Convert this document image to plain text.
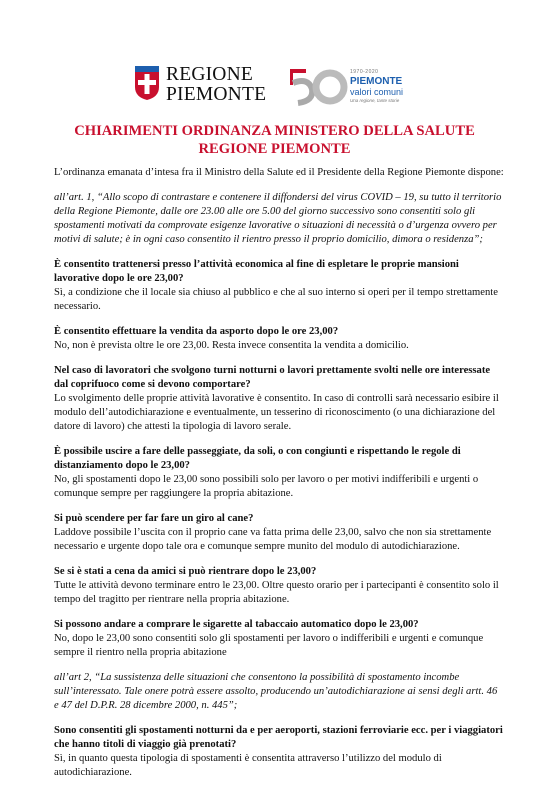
REGIONE
PIEMONTE
50
1970-2020
PIEMONTE
valori comuni
Una regione, tante storie
CHIARIMENTI ORDINANZA MINISTERO DELLA SALUTE
REGIONE PIEMONTE

L’ordinanza emanata d’intesa fra il Ministro della Salute ed il Presidente della Regione Piemonte dispone:

all’art. 1, “Allo scopo di contrastare e contenere il diffondersi del virus COVID – 19, su tutto il territorio della Regione Piemonte, dalle ore 23.00 alle ore 5.00 del giorno successivo sono consentiti solo gli spostamenti motivati da comprovate esigenze lavorative o situazioni di necessità o d’urgenza ovvero per motivi di salute; è in ogni caso consentito il rientro presso il proprio domicilio, dimora o residenza”;

È consentito trattenersi presso l’attività economica al fine di espletare le proprie mansioni lavorative dopo le ore 23,00?

Sì, a condizione che il locale sia chiuso al pubblico e che al suo interno si operi per il tempo strettamente necessario.

È consentito effettuare la vendita da asporto dopo le ore 23,00?

No, non è prevista oltre le ore 23,00. Resta invece consentita la vendita a domicilio.

Nel caso di lavoratori che svolgono turni notturni o lavori prettamente svolti nelle ore interessate dal coprifuoco come si devono comportare?

Lo svolgimento delle proprie attività lavorative è consentito. In caso di controlli sarà necessario esibire il modulo dell’autodichiarazione e eventualmente, un tesserino di riconoscimento (o una dichiarazione del datore di lavoro) che attesti la tipologia di lavoro serale.

È possibile uscire a fare delle passeggiate, da soli, o con congiunti e rispettando le regole di distanziamento dopo le 23,00?

No, gli spostamenti dopo le 23,00 sono possibili solo per lavoro o per motivi indifferibili e urgenti o comunque sempre per raggiungere la propria abitazione.

Si può scendere per far fare un giro al cane?

Laddove possibile l’uscita con il proprio cane va fatta prima delle 23,00, salvo che non sia strettamente necessario e urgente dopo tale ora e comunque sempre munito del modulo di autodichiarazione.

Se si è stati a cena da amici si può rientrare dopo le 23,00?

Tutte le attività devono terminare entro le 23,00. Oltre questo orario per i partecipanti è consentito solo il tempo del tragitto per rientrare nella propria abitazione.

Si possono andare a comprare le sigarette al tabaccaio automatico dopo le 23,00?

No, dopo le 23,00 sono consentiti solo gli spostamenti per lavoro o indifferibili e urgenti e comunque sempre il rientro nella propria abitazione

all’art 2, “La sussistenza delle situazioni che consentono la possibilità di spostamento incombe sull’interessato. Tale onere potrà essere assolto, producendo un’autodichiarazione ai sensi degli artt. 46 e 47 del D.P.R. 28 dicembre 2000, n. 445”;

Sono consentiti gli spostamenti notturni da e per aeroporti, stazioni ferroviarie ecc. per i viaggiatori che hanno titoli di viaggio già prenotati?

Sì, in quanto questa tipologia di spostamenti è consentita attraverso l’utilizzo del modulo di autodichiarazione.
